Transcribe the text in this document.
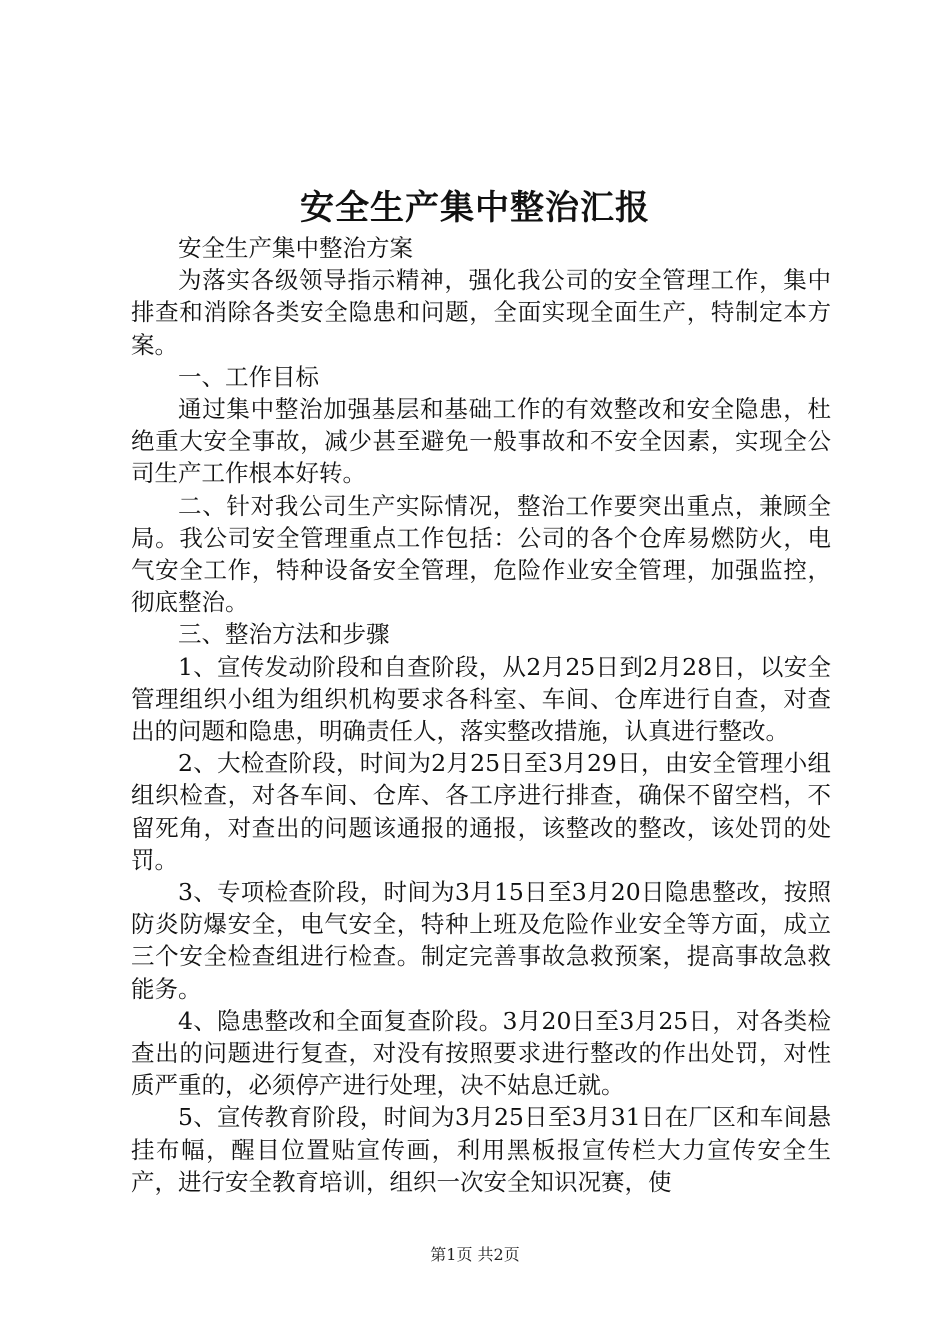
安全生产集中整治汇报

安全生产集中整治方案

为落实各级领导指示精神，强化我公司的安全管理工作，集中排查和消除各类安全隐患和问题，全面实现全面生产，特制定本方案。

一、工作目标

通过集中整治加强基层和基础工作的有效整改和安全隐患，杜绝重大安全事故，减少甚至避免一般事故和不安全因素，实现全公司生产工作根本好转。

二、针对我公司生产实际情况，整治工作要突出重点，兼顾全局。我公司安全管理重点工作包括：公司的各个仓库易燃防火，电气安全工作，特种设备安全管理，危险作业安全管理，加强监控，彻底整治。

三、整治方法和步骤

1、宣传发动阶段和自查阶段，从2月25日到2月28日，以安全管理组织小组为组织机构要求各科室、车间、仓库进行自查，对查出的问题和隐患，明确责任人，落实整改措施，认真进行整改。

2、大检查阶段，时间为2月25日至3月29日，由安全管理小组组织检查，对各车间、仓库、各工序进行排查，确保不留空档，不留死角，对查出的问题该通报的通报，该整改的整改，该处罚的处罚。

3、专项检查阶段，时间为3月15日至3月20日隐患整改，按照防炎防爆安全，电气安全，特种上班及危险作业安全等方面，成立三个安全检查组进行检查。制定完善事故急救预案，提高事故急救能务。

4、隐患整改和全面复查阶段。3月20日至3月25日，对各类检查出的问题进行复查，对没有按照要求进行整改的作出处罚，对性质严重的，必须停产进行处理，决不姑息迁就。

5、宣传教育阶段，时间为3月25日至3月31日在厂区和车间悬挂布幅，醒目位置贴宣传画，利用黑板报宣传栏大力宣传安全生产，进行安全教育培训，组织一次安全知识况赛，使

第1页 共2页
